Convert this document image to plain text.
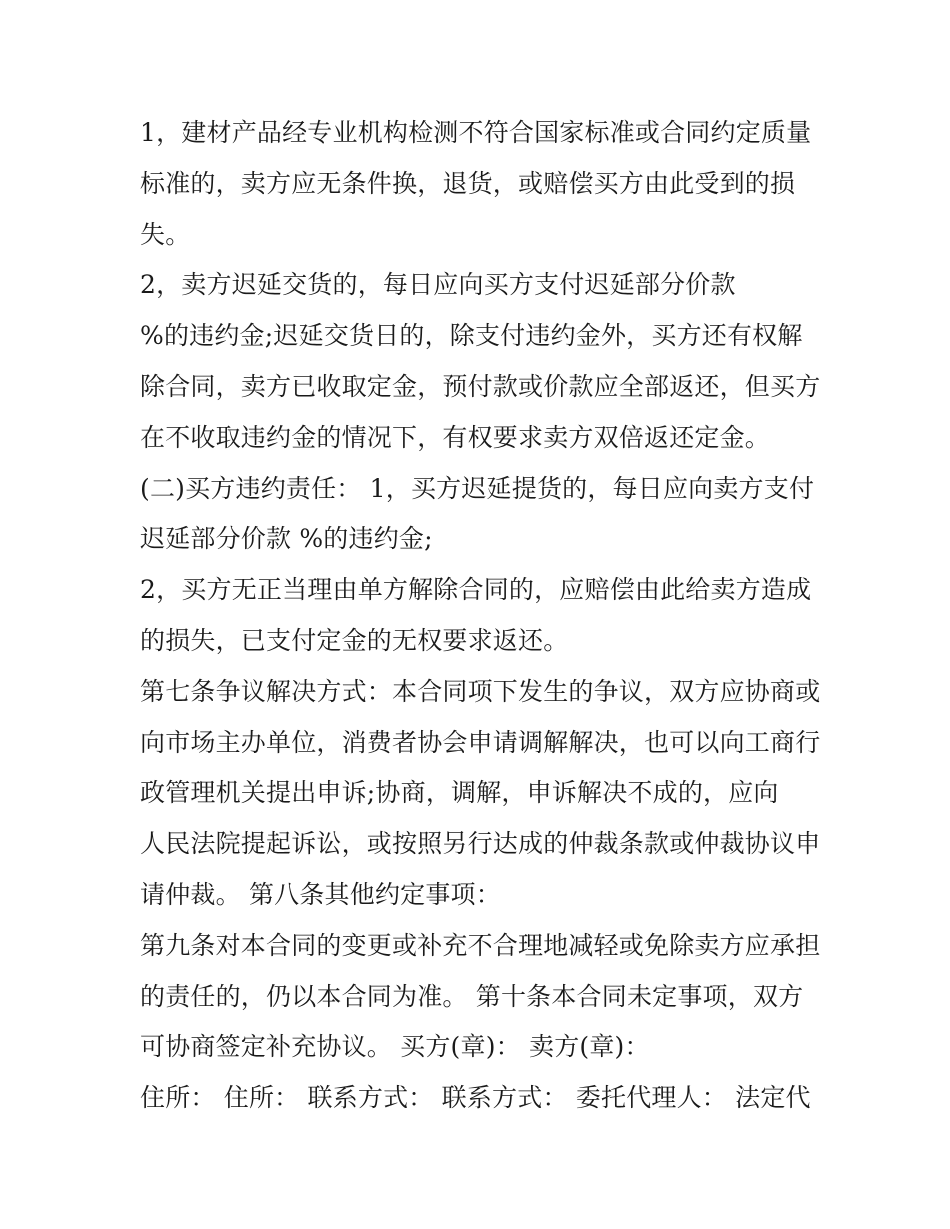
1，建材产品经专业机构检测不符合国家标准或合同约定质量
标准的，卖方应无条件换，退货，或赔偿买方由此受到的损
失。
2，卖方迟延交货的，每日应向买方支付迟延部分价款
%的违约金;迟延交货日的，除支付违约金外，买方还有权解
除合同，卖方已收取定金，预付款或价款应全部返还，但买方
在不收取违约金的情况下，有权要求卖方双倍返还定金。
(二)买方违约责任： 1，买方迟延提货的，每日应向卖方支付
迟延部分价款 %的违约金;
2，买方无正当理由单方解除合同的，应赔偿由此给卖方造成
的损失，已支付定金的无权要求返还。
第七条争议解决方式：本合同项下发生的争议，双方应协商或
向市场主办单位，消费者协会申请调解解决，也可以向工商行
政管理机关提出申诉;协商，调解，申诉解决不成的，应向
人民法院提起诉讼，或按照另行达成的仲裁条款或仲裁协议申
请仲裁。 第八条其他约定事项：
第九条对本合同的变更或补充不合理地减轻或免除卖方应承担
的责任的，仍以本合同为准。 第十条本合同未定事项，双方
可协商签定补充协议。 买方(章)： 卖方(章)：
住所： 住所： 联系方式： 联系方式： 委托代理人： 法定代
